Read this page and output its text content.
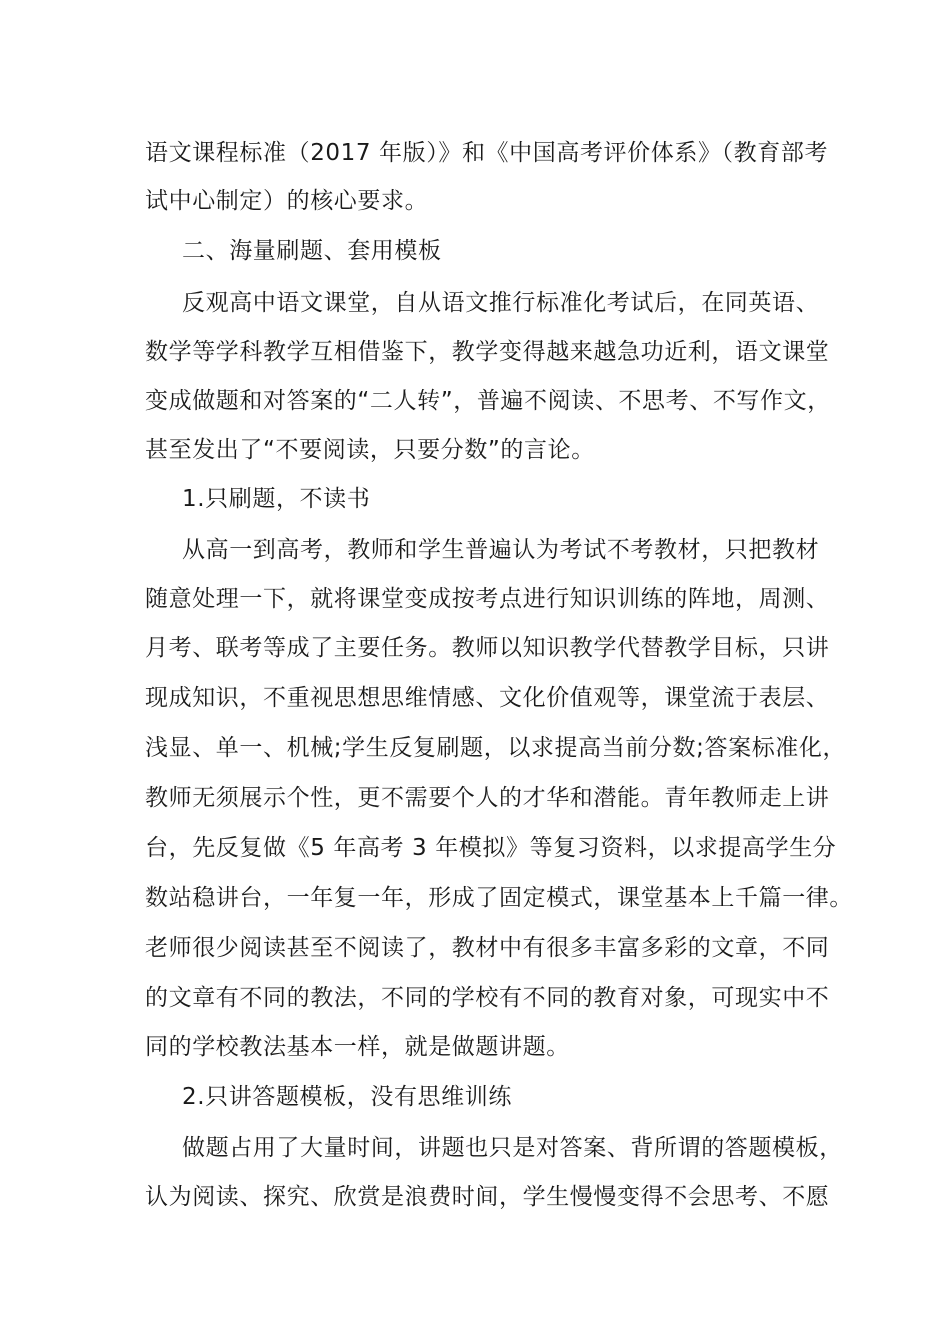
语文课程标准（2017 年版）》和《中国高考评价体系》（教育部考
试中心制定）的核心要求。
二、海量刷题、套用模板
反观高中语文课堂，自从语文推行标准化考试后，在同英语、
数学等学科教学互相借鉴下，教学变得越来越急功近利，语文课堂
变成做题和对答案的“二人转”，普遍不阅读、不思考、不写作文，
甚至发出了“不要阅读，只要分数”的言论。
1.只刷题，不读书
从高一到高考，教师和学生普遍认为考试不考教材，只把教材
随意处理一下，就将课堂变成按考点进行知识训练的阵地，周测、
月考、联考等成了主要任务。教师以知识教学代替教学目标，只讲
现成知识，不重视思想思维情感、文化价值观等，课堂流于表层、
浅显、单一、机械;学生反复刷题，以求提高当前分数;答案标准化，
教师无须展示个性，更不需要个人的才华和潜能。青年教师走上讲
台，先反复做《5 年高考 3 年模拟》等复习资料，以求提高学生分
数站稳讲台，一年复一年，形成了固定模式，课堂基本上千篇一律。
老师很少阅读甚至不阅读了，教材中有很多丰富多彩的文章，不同
的文章有不同的教法，不同的学校有不同的教育对象，可现实中不
同的学校教法基本一样，就是做题讲题。
2.只讲答题模板，没有思维训练
做题占用了大量时间，讲题也只是对答案、背所谓的答题模板，
认为阅读、探究、欣赏是浪费时间，学生慢慢变得不会思考、不愿
